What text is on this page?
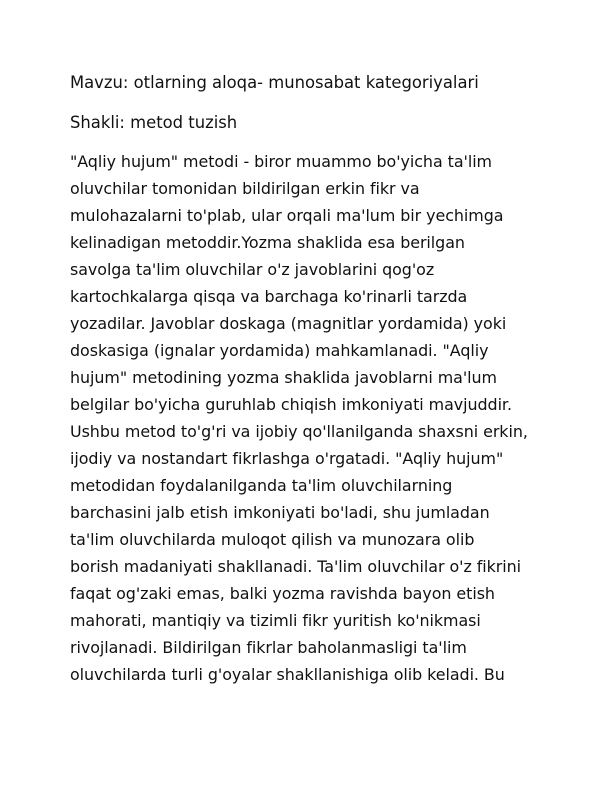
Mavzu: otlarning aloqa- munosabat kategoriyalari

Shakli: metod tuzish

"Aqliy hujum" metodi - biror muammo bo'yicha ta'lim

oluvchilar tomonidan bildirilgan erkin fikr va

mulohazalarni to'plab, ular orqali ma'lum bir yechimga

kelinadigan metoddir.Yozma shaklida esa berilgan

savolga ta'lim oluvchilar o'z javoblarini qog'oz

kartochkalarga qisqa va barchaga ko'rinarli tarzda

yozadilar. Javoblar doskaga (magnitlar yordamida) yoki

doskasiga (ignalar yordamida) mahkamlanadi. "Aqliy

hujum" metodining yozma shaklida javoblarni ma'lum

belgilar bo'yicha guruhlab chiqish imkoniyati mavjuddir.

Ushbu metod to'g'ri va ijobiy qo'llanilganda shaxsni erkin,

ijodiy va nostandart fikrlashga o'rgatadi. "Aqliy hujum"

metodidan foydalanilganda ta'lim oluvchilarning

barchasini jalb etish imkoniyati bo'ladi, shu jumladan

ta'lim oluvchilarda muloqot qilish va munozara olib

borish madaniyati shakllanadi. Ta'lim oluvchilar o'z fikrini

faqat og'zaki emas, balki yozma ravishda bayon etish

mahorati, mantiqiy va tizimli fikr yuritish ko'nikmasi

rivojlanadi. Bildirilgan fikrlar baholanmasligi ta'lim

oluvchilarda turli g'oyalar shakllanishiga olib keladi. Bu
